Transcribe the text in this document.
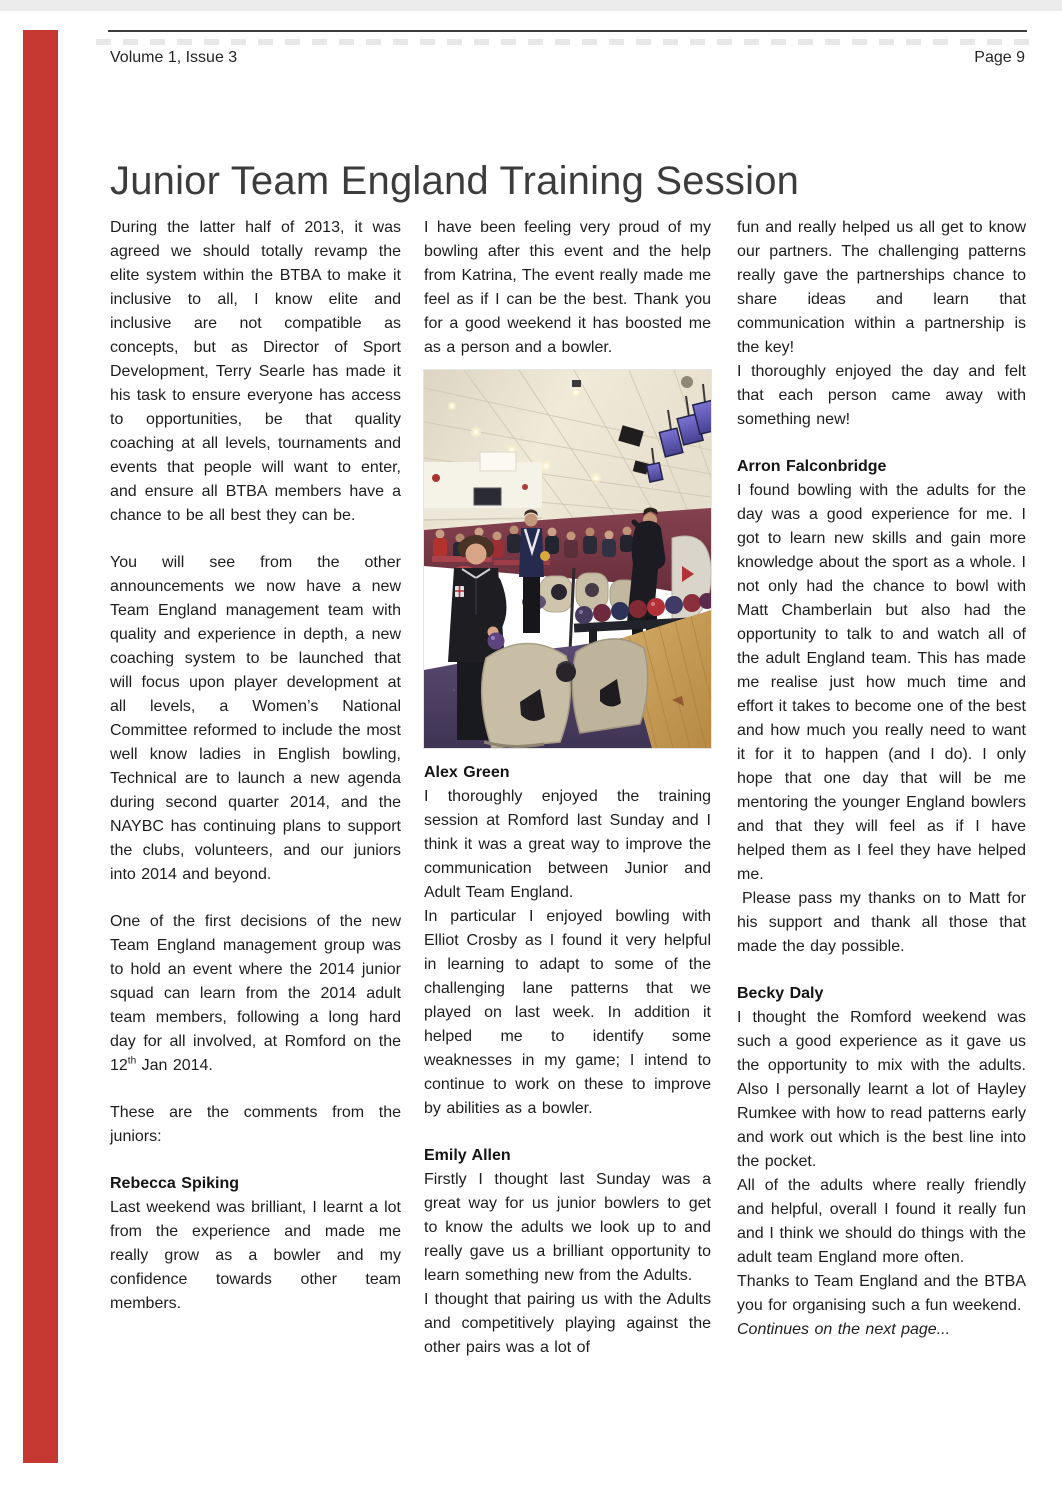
Volume 1, Issue 3	Page 9
Junior Team England Training Session

During the latter half of 2013, it was agreed we should totally revamp the elite system within the BTBA to make it inclusive to all, I know elite and inclusive are not compatible as concepts, but as Director of Sport Development, Terry Searle has made it his task to ensure everyone has access to opportunities, be that quality coaching at all levels, tournaments and events that people will want to enter, and ensure all BTBA members have a chance to be all best they can be.

You will see from the other announcements we now have a new Team England management team with quality and experience in depth, a new coaching system to be launched that will focus upon player development at all levels, a Women’s National Committee reformed to include the most well know ladies in English bowling, Technical are to launch a new agenda during second quarter 2014, and the NAYBC has continuing plans to support the clubs, volunteers, and our juniors into 2014 and beyond.

One of the first decisions of the new Team England management group was to hold an event where the 2014 junior squad can learn from the 2014 adult team members, following a long hard day for all involved, at Romford on the 12th Jan 2014.

These are the comments from the juniors:

Rebecca Spiking

Last weekend was brilliant, I learnt a lot from the experience and made me really grow as a bowler and my confidence towards other team members.

I have been feeling very proud of my bowling after this event and the help from Katrina, The event really made me feel as if I can be the best. Thank you for a good weekend it has boosted me as a person and a bowler.

Alex Green

I thoroughly enjoyed the training session at Romford last Sunday and I think it was a great way to improve the communication between Junior and Adult Team England.

In particular I enjoyed bowling with Elliot Crosby as I found it very helpful in learning to adapt to some of the challenging lane patterns that we played on last week. In addition it helped me to identify some weaknesses in my game; I intend to continue to work on these to improve by abilities as a bowler.

Emily Allen

Firstly I thought last Sunday was a great way for us junior bowlers to get to know the adults we look up to and really gave us a brilliant opportunity to learn something new from the Adults.

I thought that pairing us with the Adults and competitively playing against the other pairs was a lot of

fun and really helped us all get to know our partners. The challenging patterns really gave the partnerships chance to share ideas and learn that communication within a partnership is the key!

I thoroughly enjoyed the day and felt that each person came away with something new!

Arron Falconbridge

I found bowling with the adults for the day was a good experience for me. I got to learn new skills and gain more knowledge about the sport as a whole. I not only had the chance to bowl with Matt Chamberlain but also had the opportunity to talk to and watch all of the adult England team. This has made me realise just how much time and effort it takes to become one of the best and how much you really need to want it for it to happen (and I do). I only hope that one day that will be me mentoring the younger England bowlers and that they will feel as if I have helped them as I feel they have helped me.

Please pass my thanks on to Matt for his support and thank all those that made the day possible.

Becky Daly

I thought the Romford weekend was such a good experience as it gave us the opportunity to mix with the adults. Also I personally learnt a lot of Hayley Rumkee with how to read patterns early and work out which is the best line into the pocket.

All of the adults where really friendly and helpful, overall I found it really fun and I think we should do things with the adult team England more often.

Thanks to Team England and the BTBA you for organising such a fun weekend.

Continues on the next page...
